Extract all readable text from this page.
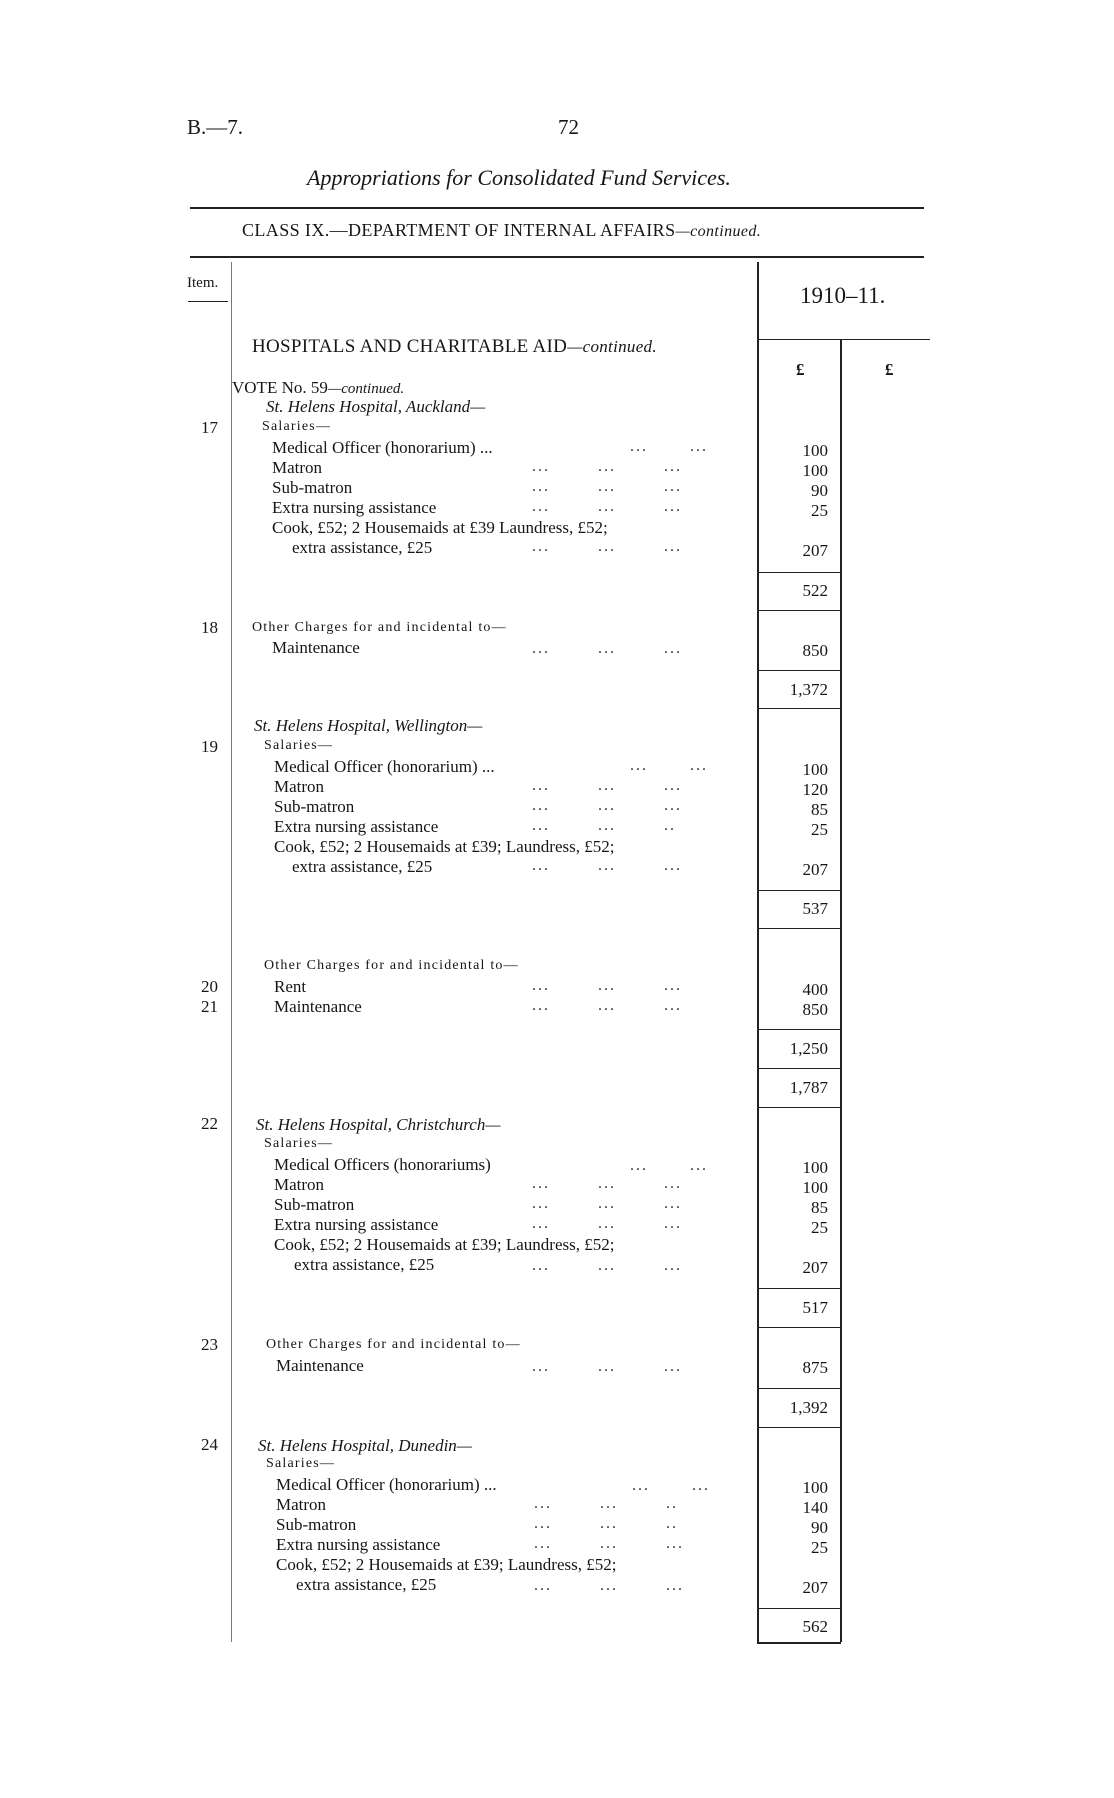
B.—7.	72
Appropriations for Consolidated Fund Services.
CLASS IX.—DEPARTMENT OF INTERNAL AFFAIRS—continued.
Item.	1910–11.
£	£
HOSPITALS AND CHARITABLE AID—continued.
VOTE No. 59—continued.
St. Helens Hospital, Auckland—
17	Salaries—
Medical Officer (honorarium) ...	...       ...	100
Matron	...        ...        ...	100
Sub-matron	...        ...        ...	90
Extra nursing assistance	...        ...        ...	25
Cook, £52; 2 Housemaids at £39 Laundress, £52;
extra assistance, £25	...        ...        ...	207
522
18 Other Charges for and incidental to—
Maintenance	...        ...        ...	850
1,372
St. Helens Hospital, Wellington—
19	Salaries—
Medical Officer (honorarium) ...	...       ...	100
Matron	...        ...        ...	120
Sub-matron	...        ...        ...	85
Extra nursing assistance	...        ...        ..	25
Cook, £52; 2 Housemaids at £39; Laundress, £52;
extra assistance, £25	...        ...        ...	207
537
Other Charges for and incidental to—
20	Rent	...        ...        ...	400
21	Maintenance	...        ...        ...	850
1,250
1,787
22 St. Helens Hospital, Christchurch—
Salaries—
Medical Officers (honorariums)	...       ...	100
Matron	...        ...        ...	100
Sub-matron	...        ...        ...	85
Extra nursing assistance	...        ...        ...	25
Cook, £52; 2 Housemaids at £39; Laundress, £52;
extra assistance, £25	...        ...        ...	207
517
23	Other Charges for and incidental to—
Maintenance	...        ...        ...	875
1,392
24 St. Helens Hospital, Dunedin—
Salaries—
Medical Officer (honorarium) ...	...       ...	100
Matron	...        ...        ..	140
Sub-matron	...        ...        ..	90
Extra nursing assistance	...        ...        ...	25
Cook, £52; 2 Housemaids at £39; Laundress, £52;
extra assistance, £25	...        ...        ...	207
562
